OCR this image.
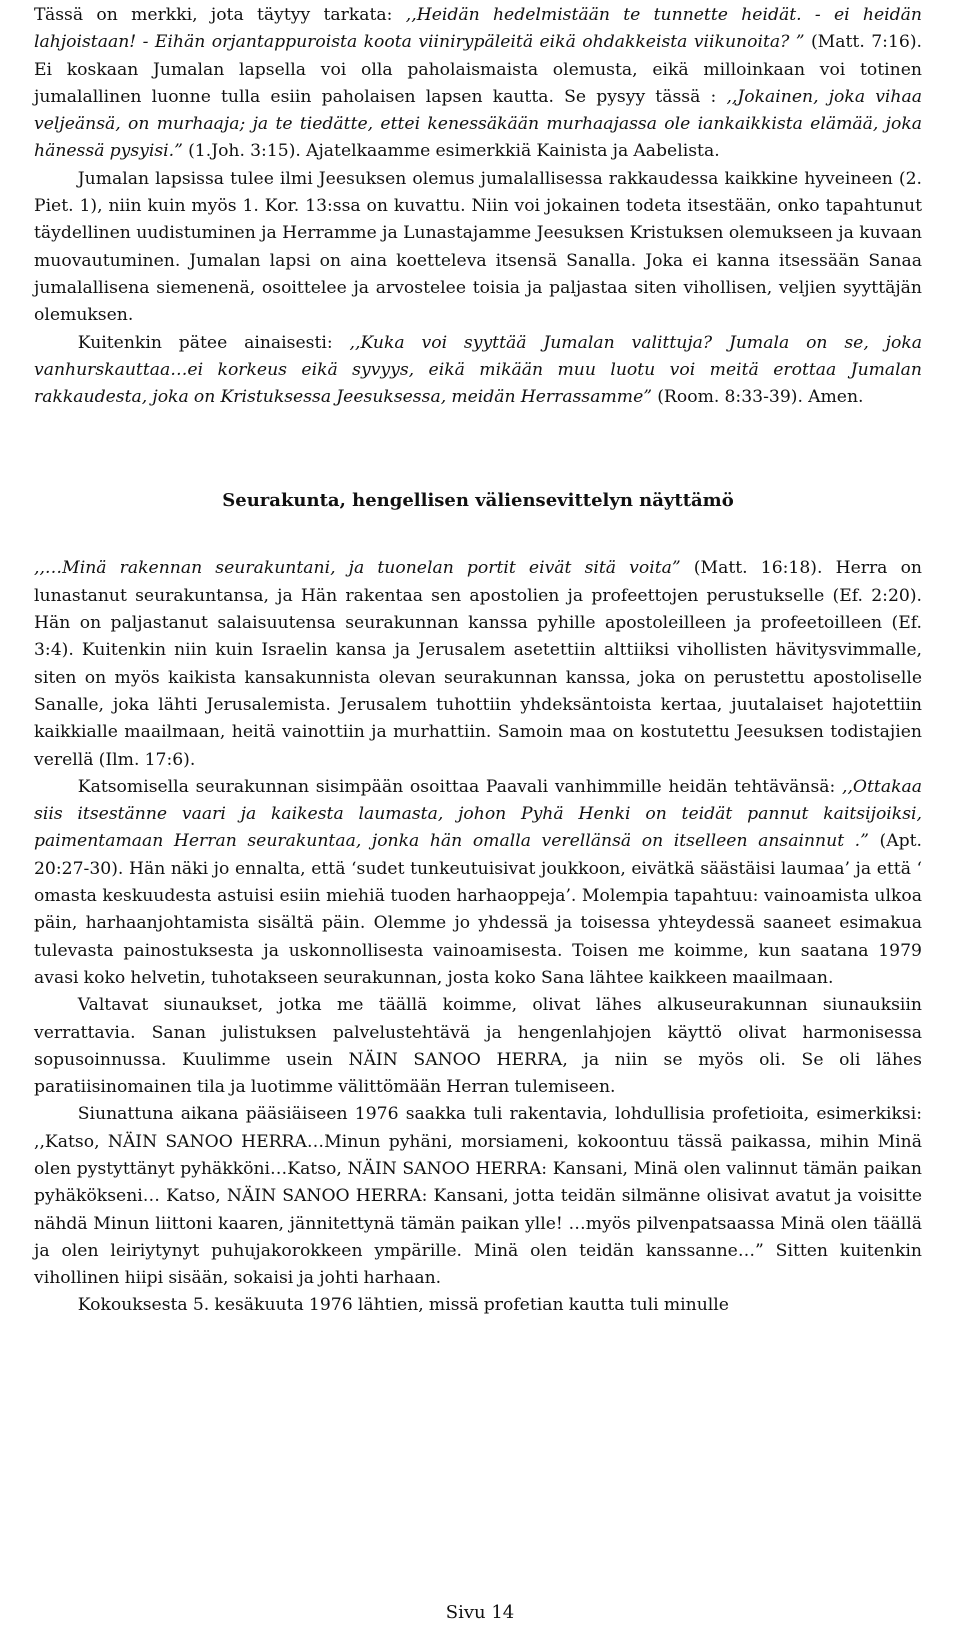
Tässä on merkki, jota täytyy tarkata: ,,Heidän hedelmistään te tunnette heidät. - ei heidän lahjoistaan! - Eihän orjantappuroista koota viinirypäleitä eikä ohdakkeista viikunoita? ” (Matt. 7:16). Ei koskaan Jumalan lapsella voi olla paholaismaista olemusta, eikä milloinkaan voi totinen jumalallinen luonne tulla esiin paholaisen lapsen kautta. Se pysyy tässä : ,,Jokainen, joka vihaa veljeänsä, on murhaaja; ja te tiedätte, ettei kenessäkään murhaajassa ole iankaikkista elämää, joka hänessä pysyisi.” (1.Joh. 3:15). Ajatelkaamme esimerkkiä Kainista ja Aabelista.

Jumalan lapsissa tulee ilmi Jeesuksen olemus jumalallisessa rakkaudessa kaikkine hyveineen (2. Piet. 1), niin kuin myös 1. Kor. 13:ssa on kuvattu. Niin voi jokainen todeta itsestään, onko tapahtunut täydellinen uudistuminen ja Herramme ja Lunastajamme Jeesuksen Kristuksen olemukseen ja kuvaan muovautuminen. Jumalan lapsi on aina koetteleva itsensä Sanalla. Joka ei kanna itsessään Sanaa jumalallisena siemenenä, osoittelee ja arvostelee toisia ja paljastaa siten vihollisen, veljien syyttäjän olemuksen.

Kuitenkin pätee ainaisesti: ,,Kuka voi syyttää Jumalan valittuja? Jumala on se, joka vanhurskauttaa…ei korkeus eikä syvyys, eikä mikään muu luotu voi meitä erottaa Jumalan rakkaudesta, joka on Kristuksessa Jeesuksessa, meidän Herrassamme” (Room. 8:33-39). Amen.

Seurakunta, hengellisen väliensevittelyn näyttämö

,,…Minä rakennan seurakuntani, ja tuonelan portit eivät sitä voita” (Matt. 16:18). Herra on lunastanut seurakuntansa, ja Hän rakentaa sen apostolien ja profeettojen perustukselle (Ef. 2:20). Hän on paljastanut salaisuutensa seurakunnan kanssa pyhille apostoleilleen ja profeetoilleen (Ef. 3:4). Kuitenkin niin kuin Israelin kansa ja Jerusalem asetettiin alttiiksi vihollisten hävitysvimmalle, siten on myös kaikista kansakunnista olevan seurakunnan kanssa, joka on perustettu apostoliselle Sanalle, joka lähti Jerusalemista. Jerusalem tuhottiin yhdeksäntoista kertaa, juutalaiset hajotettiin kaikkialle maailmaan, heitä vainottiin ja murhattiin. Samoin maa on kostutettu Jeesuksen todistajien verellä (Ilm. 17:6).

Katsomisella seurakunnan sisimpään osoittaa Paavali vanhimmille heidän tehtävänsä: ,,Ottakaa siis itsestänne vaari ja kaikesta laumasta, johon Pyhä Henki on teidät pannut kaitsijoiksi, paimentamaan Herran seurakuntaa, jonka hän omalla verellänsä on itselleen ansainnut .” (Apt. 20:27-30). Hän näki jo ennalta, että ‘sudet tunkeutuisivat joukkoon, eivätkä säästäisi laumaa’ ja että ‘ omasta keskuudesta astuisi esiin miehiä tuoden harhaoppeja’. Molempia tapahtuu: vainoamista ulkoa päin, harhaanjohtamista sisältä päin. Olemme jo yhdessä ja toisessa yhteydessä saaneet esimakua tulevasta painostuksesta ja uskonnollisesta vainoamisesta. Toisen me koimme, kun saatana 1979 avasi koko helvetin, tuhotakseen seurakunnan, josta koko Sana lähtee kaikkeen maailmaan.

Valtavat siunaukset, jotka me täällä koimme, olivat lähes alkuseurakunnan siunauksiin verrattavia. Sanan julistuksen palvelustehtävä ja hengenlahjojen käyttö olivat harmonisessa sopusoinnussa. Kuulimme usein NÄIN SANOO HERRA, ja niin se myös oli. Se oli lähes paratiisinomainen tila ja luotimme välittömään Herran tulemiseen.

Siunattuna aikana pääsiäiseen 1976 saakka tuli rakentavia, lohdullisia profetioita, esimerkiksi: ,,Katso, NÄIN SANOO HERRA…Minun pyhäni, morsiameni, kokoontuu tässä paikassa, mihin Minä olen pystyttänyt pyhäkköni…Katso, NÄIN SANOO HERRA: Kansani, Minä olen valinnut tämän paikan pyhäkökseni… Katso, NÄIN SANOO HERRA: Kansani, jotta teidän silmänne olisivat avatut ja voisitte nähdä Minun liittoni kaaren, jännitettynä tämän paikan ylle! …myös pilvenpatsaassa Minä olen täällä ja olen leiriytynyt puhujakorokkeen ympärille. Minä olen teidän kanssanne…” Sitten kuitenkin vihollinen hiipi sisään, sokaisi ja johti harhaan.

Kokouksesta 5. kesäkuuta 1976 lähtien, missä profetian kautta tuli minulle

Sivu 14
